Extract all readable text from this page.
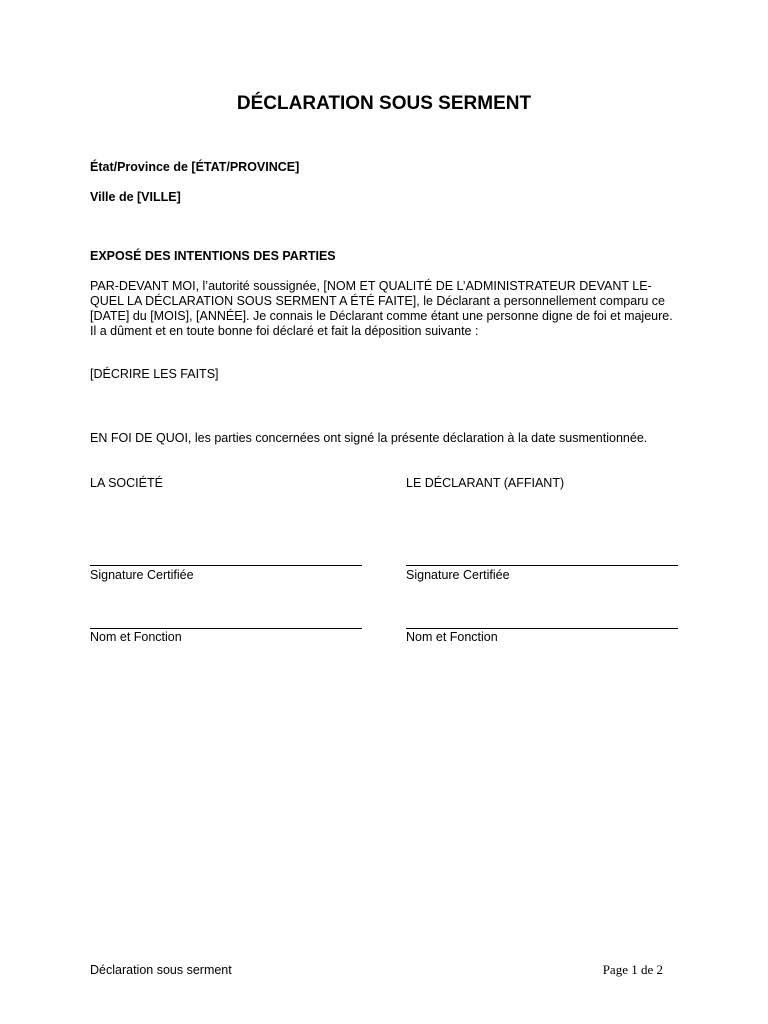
DÉCLARATION SOUS SERMENT
État/Province de [ÉTAT/PROVINCE]
Ville de [VILLE]
EXPOSÉ DES INTENTIONS DES PARTIES
PAR-DEVANT MOI, l’autorité soussignée, [NOM ET QUALITÉ DE L’ADMINISTRATEUR DEVANT LE-
QUEL LA DÉCLARATION SOUS SERMENT A ÉTÉ FAITE], le Déclarant a personnellement comparu ce
[DATE] du [MOIS], [ANNÉE]. Je connais le Déclarant comme étant une personne digne de foi et majeure.
Il a dûment et en toute bonne foi déclaré et fait la déposition suivante :
[DÉCRIRE LES FAITS]
EN FOI DE QUOI, les parties concernées ont signé la présente déclaration à la date susmentionnée.
LA SOCIÉTÉ	LE DÉCLARANT (AFFIANT)
Signature Certifiée	Signature Certifiée
Nom et Fonction	Nom et Fonction
Déclaration sous serment	Page 1 de 2
